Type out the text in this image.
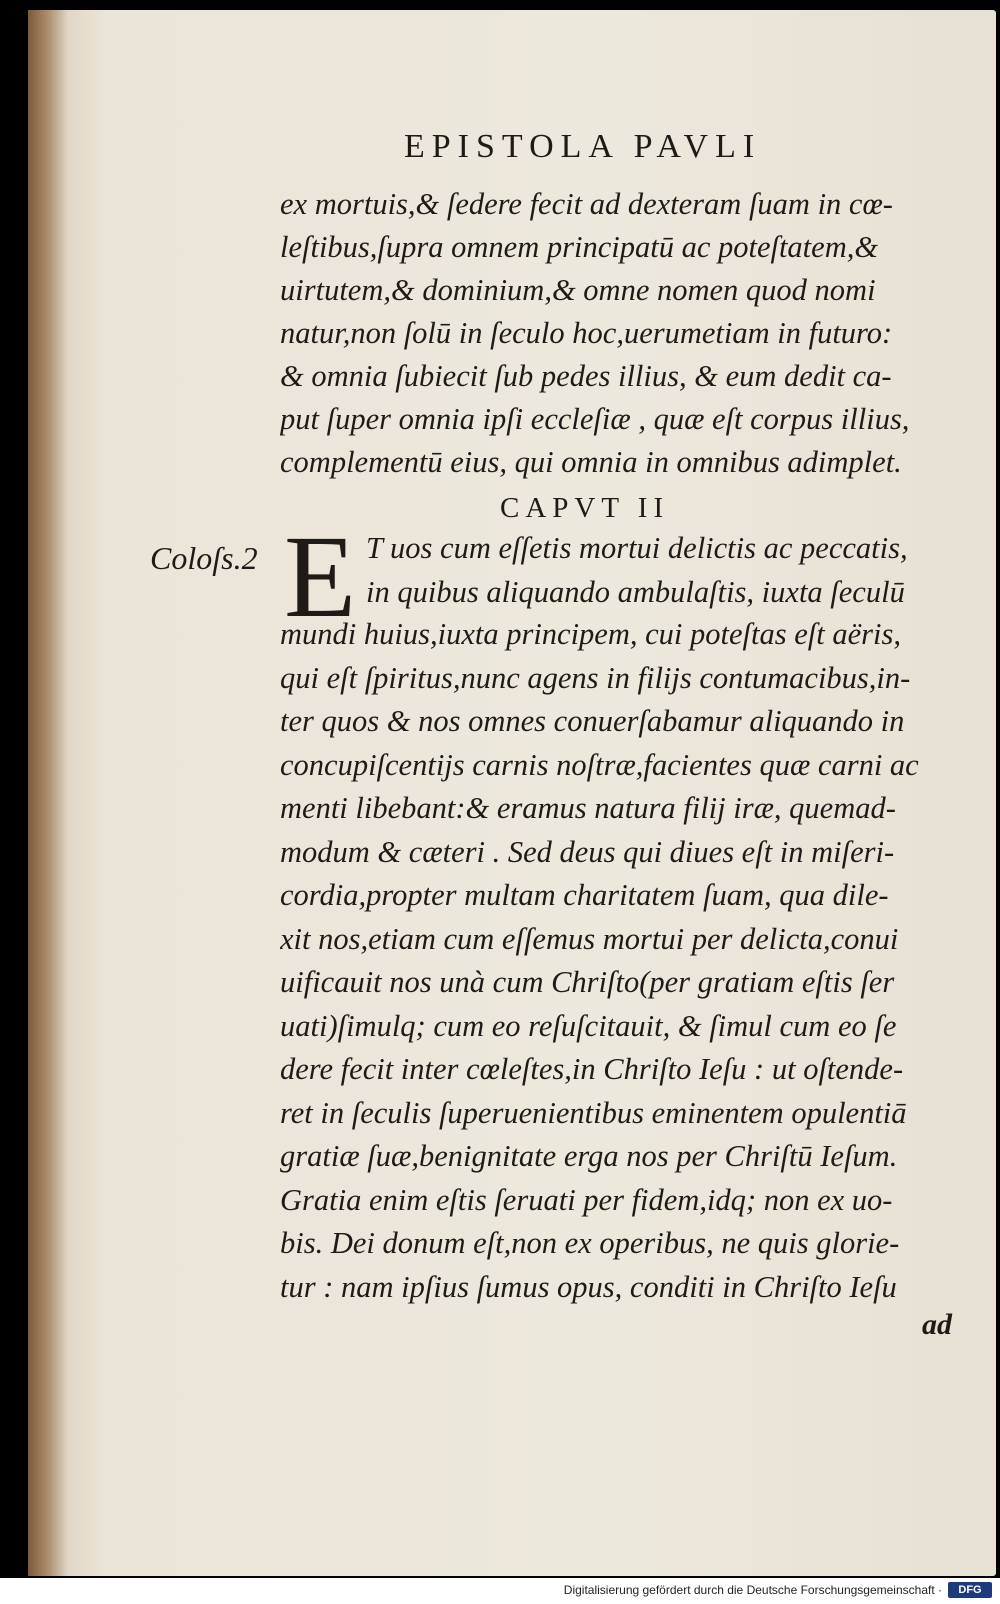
EPISTOLA PAVLI
ex mortuis,& ſedere fecit ad dexteram ſuam in cœ-
leſtibus,ſupra omnem principatū ac poteſtatem,&
uirtutem,& dominium,& omne nomen quod nomi
natur,non ſolū in ſeculo hoc,uerumetiam in futuro:
& omnia ſubiecit ſub pedes illius, & eum dedit ca-
put ſuper omnia ipſi eccleſiæ , quæ eſt corpus illius,
complementū eius, qui omnia in omnibus adimplet.
CAPVT II
Coloſs.2 E T uos cum eſſetis mortui delictis ac peccatis,
in quibus aliquando ambulaſtis, iuxta ſeculū
mundi huius,iuxta principem, cui poteſtas eſt aëris,
qui eſt ſpiritus,nunc agens in filijs contumacibus,in-
ter quos & nos omnes conuerſabamur aliquando in
concupiſcentijs carnis noſtræ,facientes quæ carni ac
menti libebant:& eramus natura filij iræ, quemad-
modum & cæteri . Sed deus qui diues eſt in miſeri-
cordia,propter multam charitatem ſuam, qua dile-
xit nos,etiam cum eſſemus mortui per delicta,conui
uificauit nos unà cum Chriſto(per gratiam eſtis ſer
uati)ſimulq; cum eo reſuſcitauit, & ſimul cum eo ſe
dere fecit inter cœleſtes,in Chriſto Ieſu : ut oſtende-
ret in ſeculis ſuperuenientibus eminentem opulentiā
gratiæ ſuæ,benignitate erga nos per Chriſtū Ieſum.
Gratia enim eſtis ſeruati per fidem,idq; non ex uo-
bis. Dei donum eſt,non ex operibus, ne quis glorie-
tur : nam ipſius ſumus opus, conditi in Chriſto Ieſu
ad
Digitalisierung gefördert durch die Deutsche Forschungsgemeinschaft ·	DFG
